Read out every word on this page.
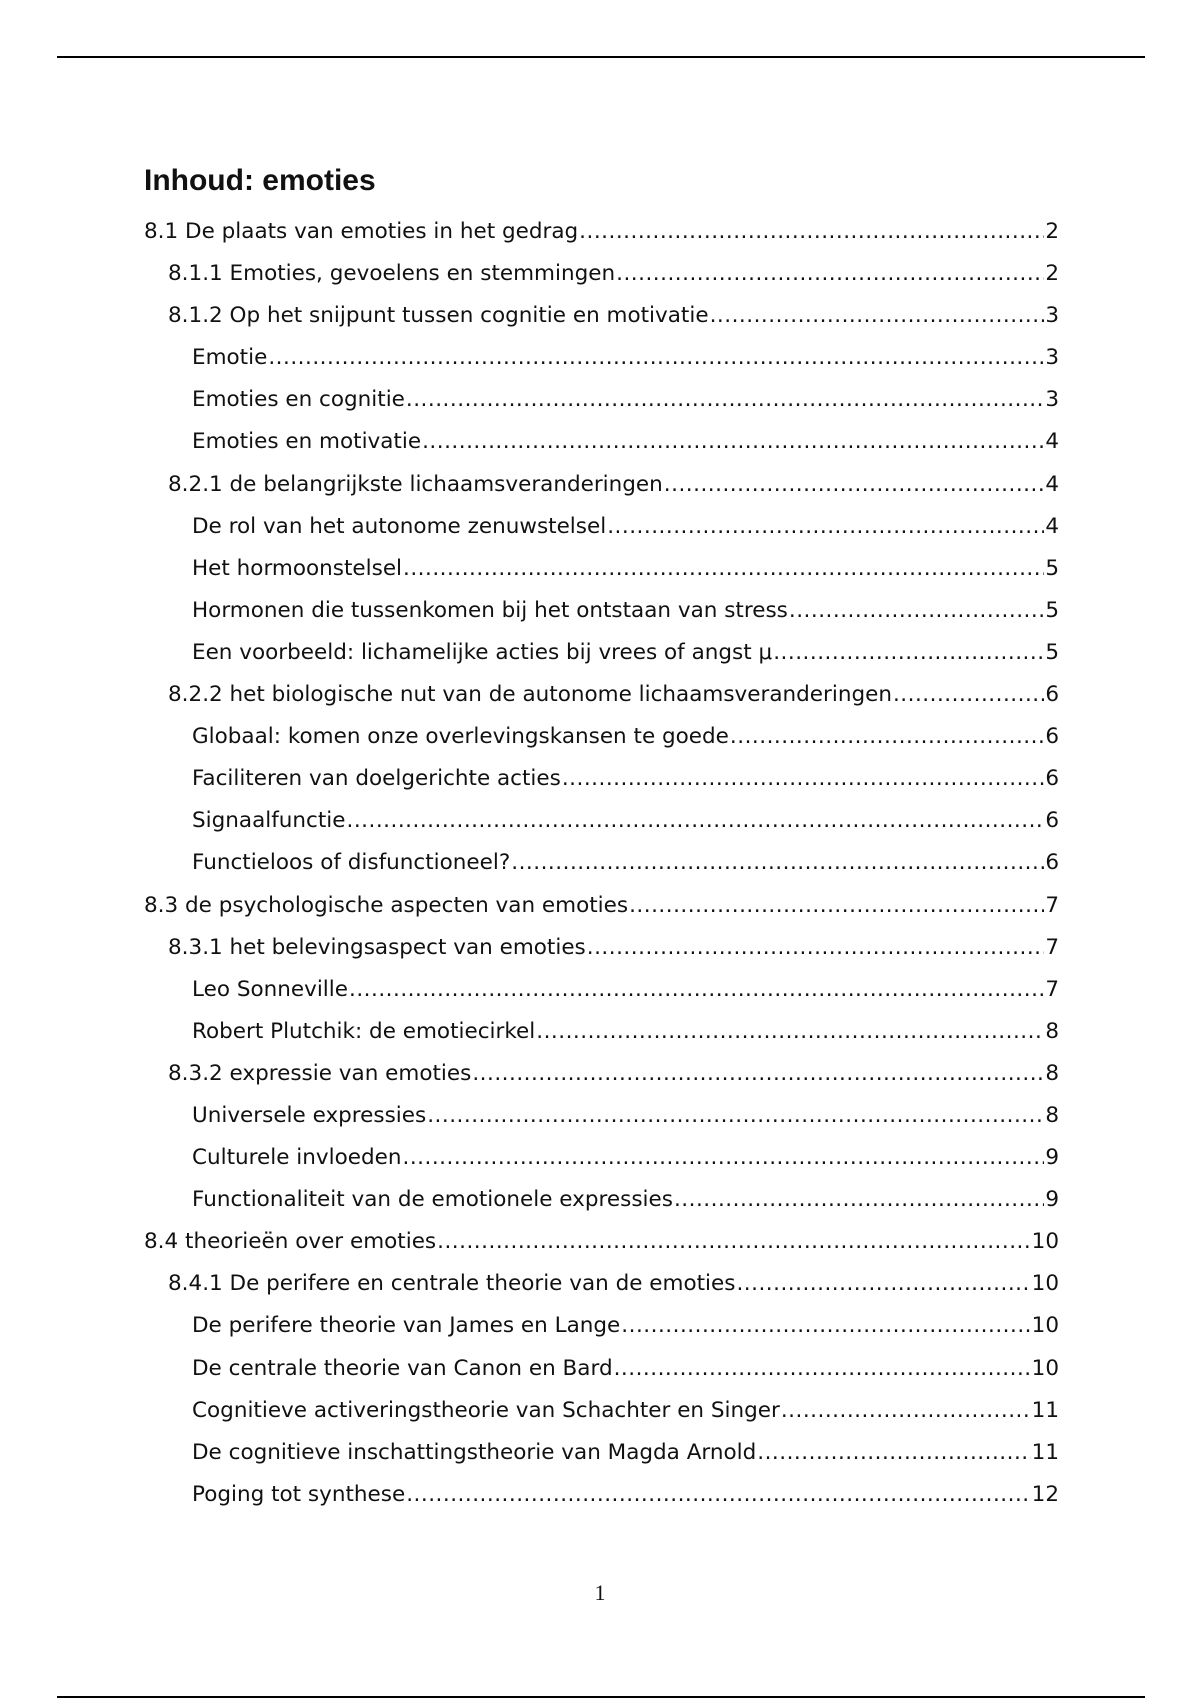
Inhoud: emoties
8.1 De plaats van emoties in het gedrag .....	2
8.1.1 Emoties, gevoelens en stemmingen .....	2
8.1.2 Op het snijpunt tussen cognitie en motivatie .....	3
Emotie .....	3
Emoties en cognitie .....	3
Emoties en motivatie .....	4
8.2.1 de belangrijkste lichaamsveranderingen .....	4
De rol van het autonome zenuwstelsel .....	4
Het hormoonstelsel .....	5
Hormonen die tussenkomen bij het ontstaan van stress .....	5
Een voorbeeld: lichamelijke acties bij vrees of angst μ .....	5
8.2.2 het biologische nut van de autonome lichaamsveranderingen .....	6
Globaal: komen onze overlevingskansen te goede .....	6
Faciliteren van doelgerichte acties .....	6
Signaalfunctie .....	6
Functieloos of disfunctioneel? .....	6
8.3 de psychologische aspecten van emoties .....	7
8.3.1 het belevingsaspect van emoties .....	7
Leo Sonneville .....	7
Robert Plutchik: de emotiecirkel .....	8
8.3.2 expressie van emoties .....	8
Universele expressies .....	8
Culturele invloeden .....	9
Functionaliteit van de emotionele expressies .....	9
8.4 theorieën over emoties .....	10
8.4.1 De perifere en centrale theorie van de emoties .....	10
De perifere theorie van James en Lange .....	10
De centrale theorie van Canon en Bard .....	10
Cognitieve activeringstheorie van Schachter en Singer .....	11
De cognitieve inschattingstheorie van Magda Arnold .....	11
Poging tot synthese .....	12
1
